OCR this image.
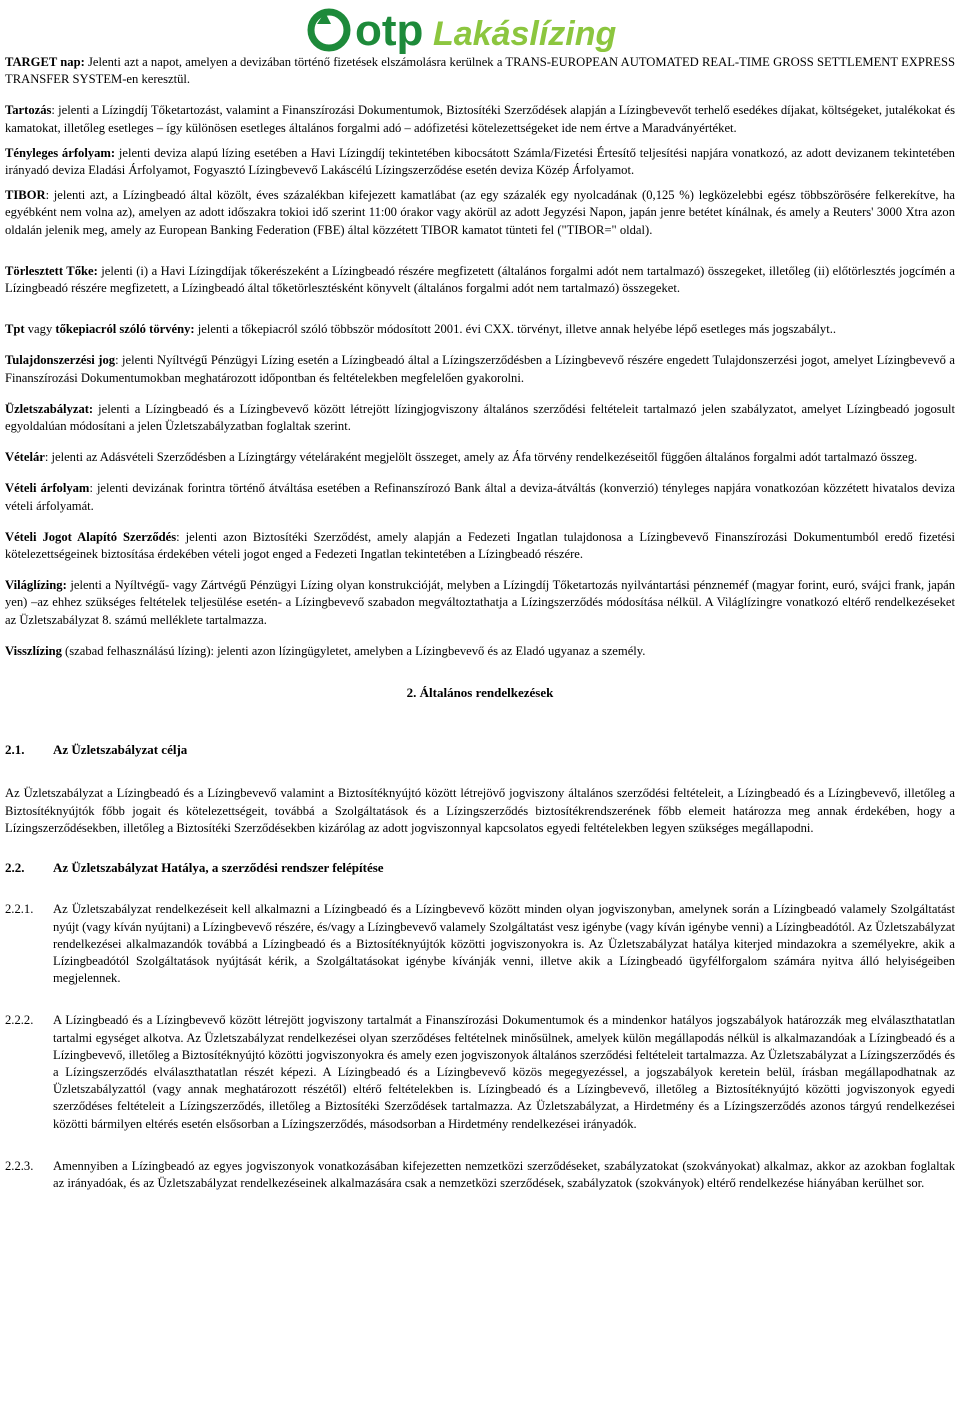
otp Lakáslízing

TARGET nap: Jelenti azt a napot, amelyen a devizában történő fizetések elszámolásra kerülnek a TRANS-EUROPEAN AUTOMATED REAL-TIME GROSS SETTLEMENT EXPRESS TRANSFER SYSTEM-en keresztül.

Tartozás: jelenti a Lízingdíj Tőketartozást, valamint a Finanszírozási Dokumentumok, Biztosítéki Szerződések alapján a Lízingbevevőt terhelő esedékes díjakat, költségeket, jutalékokat és kamatokat, illetőleg esetleges – így különösen esetleges általános forgalmi adó – adófizetési kötelezettségeket ide nem értve a Maradványértéket.

Tényleges árfolyam: jelenti deviza alapú lízing esetében a Havi Lízingdíj tekintetében kibocsátott Számla/Fizetési Értesítő teljesítési napjára vonatkozó, az adott devizanem tekintetében irányadó deviza Eladási Árfolyamot, Fogyasztó Lízingbevevő Lakáscélú Lízingszerződése esetén deviza Közép Árfolyamot.

TIBOR: jelenti azt, a Lízingbeadó által közölt, éves százalékban kifejezett kamatlábat (az egy százalék egy nyolcadának (0,125 %) legközelebbi egész többszörösére felkerekítve, ha egyébként nem volna az), amelyen az adott időszakra tokioi idő szerint 11:00 órakor vagy akörül az adott Jegyzési Napon, japán jenre betétet kínálnak, és amely a Reuters' 3000 Xtra azon oldalán jelenik meg, amely az European Banking Federation (FBE) által közzétett TIBOR kamatot tünteti fel ("TIBOR=" oldal).

Törlesztett Tőke: jelenti (i) a Havi Lízingdíjak tőkerészeként a Lízingbeadó részére megfizetett (általános forgalmi adót nem tartalmazó) összegeket, illetőleg (ii) előtörlesztés jogcímén a Lízingbeadó részére megfizetett, a Lízingbeadó által tőketörlesztésként könyvelt (általános forgalmi adót nem tartalmazó) összegeket.

Tpt vagy tőkepiacról szóló törvény: jelenti a tőkepiacról szóló többször módosított 2001. évi CXX. törvényt, illetve annak helyébe lépő esetleges más jogszabályt..

Tulajdonszerzési jog: jelenti Nyíltvégű Pénzügyi Lízing esetén a Lízingbeadó által a Lízingszerződésben a Lízingbevevő részére engedett Tulajdonszerzési jogot, amelyet Lízingbevevő a Finanszírozási Dokumentumokban meghatározott időpontban és feltételekben megfelelően gyakorolni.

Üzletszabályzat: jelenti a Lízingbeadó és a Lízingbevevő között létrejött lízingjogviszony általános szerződési feltételeit tartalmazó jelen szabályzatot, amelyet Lízingbeadó jogosult egyoldalúan módosítani a jelen Üzletszabályzatban foglaltak szerint.

Vételár: jelenti az Adásvételi Szerződésben a Lízingtárgy vételáraként megjelölt összeget, amely az Áfa törvény rendelkezéseitől függően általános forgalmi adót tartalmazó összeg.

Vételi árfolyam: jelenti devizának forintra történő átváltása esetében a Refinanszírozó Bank által a deviza-átváltás (konverzió) tényleges napjára vonatkozóan közzétett hivatalos deviza vételi árfolyamát.

Vételi Jogot Alapító Szerződés: jelenti azon Biztosítéki Szerződést, amely alapján a Fedezeti Ingatlan tulajdonosa a Lízingbevevő Finanszírozási Dokumentumból eredő fizetési kötelezettségeinek biztosítása érdekében vételi jogot enged a Fedezeti Ingatlan tekintetében a Lízingbeadó részére.

Világlízing: jelenti a Nyíltvégű- vagy Zártvégű Pénzügyi Lízing olyan konstrukcióját, melyben a Lízingdíj Tőketartozás nyilvántartási pénzneméf (magyar forint, euró, svájci frank, japán yen) –az ehhez szükséges feltételek teljesülése esetén- a Lízingbevevő szabadon megváltoztathatja a Lízingszerződés módosítása nélkül. A Világlízingre vonatkozó eltérő rendelkezéseket az Üzletszabályzat 8. számú melléklete tartalmazza.

Visszlízing (szabad felhasználású lízing): jelenti azon lízingügyletet, amelyben a Lízingbevevő és az Eladó ugyanaz a személy.

2. Általános rendelkezések

2.1.	Az Üzletszabályzat célja

Az Üzletszabályzat a Lízingbeadó és a Lízingbevevő valamint a Biztosítéknyújtó között létrejövő jogviszony általános szerződési feltételeit, a Lízingbeadó és a Lízingbevevő, illetőleg a Biztosítéknyújtók főbb jogait és kötelezettségeit, továbbá a Szolgáltatások és a Lízingszerződés biztosítékrendszerének főbb elemeit határozza meg annak érdekében, hogy a Lízingszerződésekben, illetőleg a Biztosítéki Szerződésekben kizárólag az adott jogviszonnyal kapcsolatos egyedi feltételekben legyen szükséges megállapodni.

2.2.	Az Üzletszabályzat Hatálya, a szerződési rendszer felépítése
2.2.1.	Az Üzletszabályzat rendelkezéseit kell alkalmazni a Lízingbeadó és a Lízingbevevő között minden olyan jogviszonyban, amelynek során a Lízingbeadó valamely Szolgáltatást nyújt (vagy kíván nyújtani) a Lízingbevevő részére, és/vagy a Lízingbevevő valamely Szolgáltatást vesz igénybe (vagy kíván igénybe venni) a Lízingbeadótól. Az Üzletszabályzat rendelkezései alkalmazandók továbbá a Lízingbeadó és a Biztosítéknyújtók közötti jogviszonyokra is. Az Üzletszabályzat hatálya kiterjed mindazokra a személyekre, akik a Lízingbeadótól Szolgáltatások nyújtását kérik, a Szolgáltatásokat igénybe kívánják venni, illetve akik a Lízingbeadó ügyfélforgalom számára nyitva álló helyiségeiben megjelennek.
2.2.2.	A Lízingbeadó és a Lízingbevevő között létrejött jogviszony tartalmát a Finanszírozási Dokumentumok és a mindenkor hatályos jogszabályok határozzák meg elválaszthatatlan tartalmi egységet alkotva. Az Üzletszabályzat rendelkezései olyan szerződéses feltételnek minősülnek, amelyek külön megállapodás nélkül is alkalmazandóak a Lízingbeadó és a Lízingbevevő, illetőleg a Biztosítéknyújtó közötti jogviszonyokra és amely ezen jogviszonyok általános szerződési feltételeit tartalmazza. Az Üzletszabályzat a Lízingszerződés és a Lízingszerződés elválaszthatatlan részét képezi. A Lízingbeadó és a Lízingbevevő közös megegyezéssel, a jogszabályok keretein belül, írásban megállapodhatnak az Üzletszabályzattól (vagy annak meghatározott részétől) eltérő feltételekben is. Lízingbeadó és a Lízingbevevő, illetőleg a Biztosítéknyújtó közötti jogviszonyok egyedi szerződéses feltételeit a Lízingszerződés, illetőleg a Biztosítéki Szerződések tartalmazza. Az Üzletszabályzat, a Hirdetmény és a Lízingszerződés azonos tárgyú rendelkezései közötti bármilyen eltérés esetén elsősorban a Lízingszerződés, másodsorban a Hirdetmény rendelkezései irányadók.
2.2.3.	Amennyiben a Lízingbeadó az egyes jogviszonyok vonatkozásában kifejezetten nemzetközi szerződéseket, szabályzatokat (szokványokat) alkalmaz, akkor az azokban foglaltak az irányadóak, és az Üzletszabályzat rendelkezéseinek alkalmazására csak a nemzetközi szerződések, szabályzatok (szokványok) eltérő rendelkezése hiányában kerülhet sor.
